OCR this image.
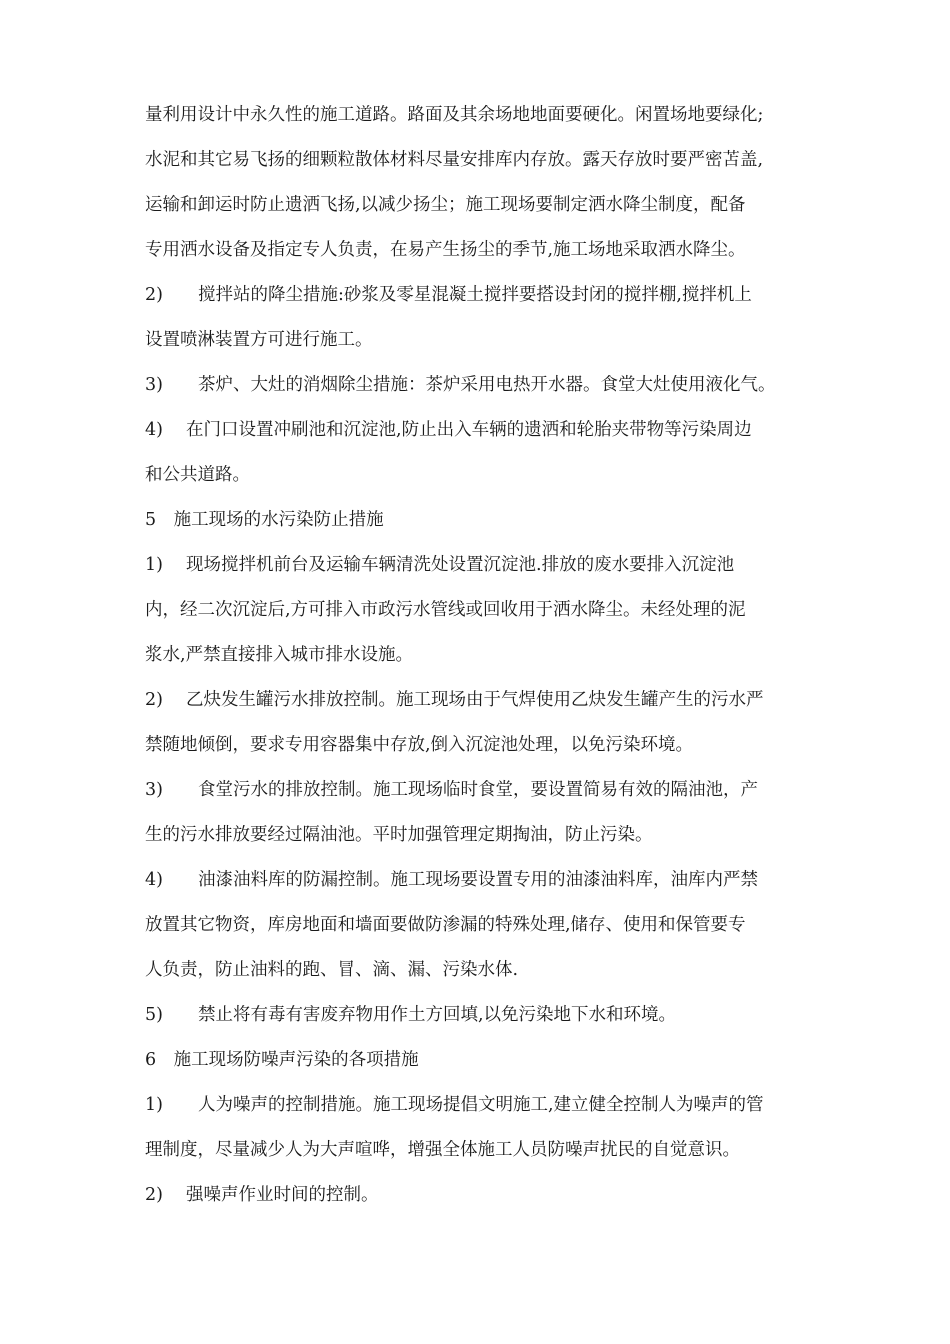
量利用设计中永久性的施工道路。路面及其余场地地面要硬化。闲置场地要绿化;
水泥和其它易飞扬的细颗粒散体材料尽量安排库内存放。露天存放时要严密苫盖,
运输和卸运时防止遗洒飞扬,以减少扬尘；施工现场要制定洒水降尘制度，配备
专用洒水设备及指定专人负责，在易产生扬尘的季节,施工场地采取洒水降尘。
2)　　搅拌站的降尘措施:砂浆及零星混凝土搅拌要搭设封闭的搅拌棚,搅拌机上
设置喷淋装置方可进行施工。
3)　　茶炉、大灶的消烟除尘措施：茶炉采用电热开水器。食堂大灶使用液化气。
4)　 在门口设置冲刷池和沉淀池,防止出入车辆的遗洒和轮胎夹带物等污染周边
和公共道路。
5　施工现场的水污染防止措施
1)　 现场搅拌机前台及运输车辆清洗处设置沉淀池.排放的废水要排入沉淀池
内，经二次沉淀后,方可排入市政污水管线或回收用于洒水降尘。未经处理的泥
浆水,严禁直接排入城市排水设施。
2)　 乙炔发生罐污水排放控制。施工现场由于气焊使用乙炔发生罐产生的污水严
禁随地倾倒，要求专用容器集中存放,倒入沉淀池处理，以免污染环境。
3)　　食堂污水的排放控制。施工现场临时食堂，要设置简易有效的隔油池，产
生的污水排放要经过隔油池。平时加强管理定期掏油，防止污染。
4)　　油漆油料库的防漏控制。施工现场要设置专用的油漆油料库，油库内严禁
放置其它物资，库房地面和墙面要做防渗漏的特殊处理,储存、使用和保管要专
人负责，防止油料的跑、冒、滴、漏、污染水体.
5)　　禁止将有毒有害废弃物用作土方回填,以免污染地下水和环境。
6　施工现场防噪声污染的各项措施
1)　　人为噪声的控制措施。施工现场提倡文明施工,建立健全控制人为噪声的管
理制度，尽量减少人为大声喧哗，增强全体施工人员防噪声扰民的自觉意识。
2)　 强噪声作业时间的控制。
